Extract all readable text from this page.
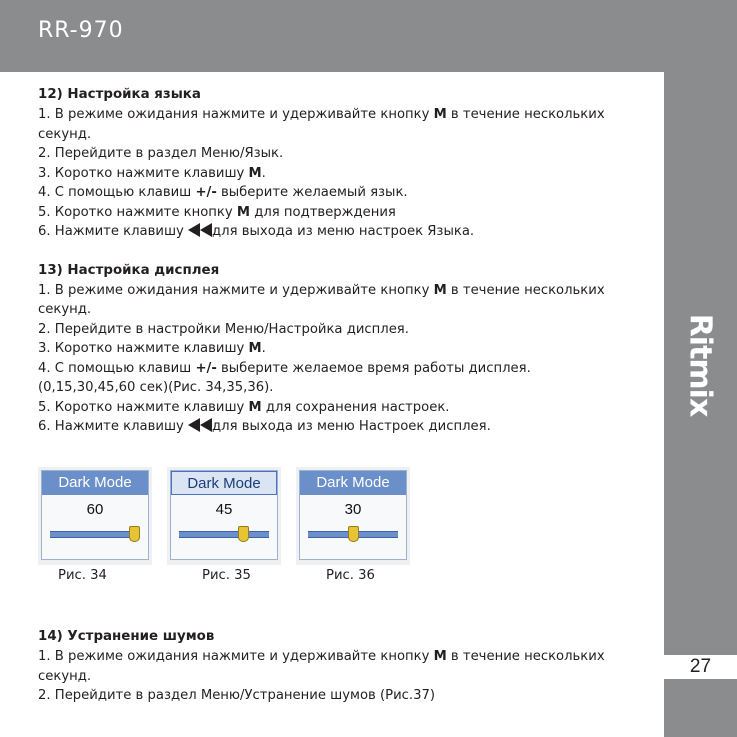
RR-970
Ritmix
27

12) Настройка языка

1. В режиме ожидания нажмите и удерживайте кнопку M в течение нескольких

секунд.

2. Перейдите в раздел Меню/Язык.

3. Коротко нажмите клавишу M.

4. С помощью клавиш +/- выберите желаемый язык.

5. Коротко нажмите кнопку M для подтверждения

6. Нажмите клавишу для выхода из меню настроек Языка.

13) Настройка дисплея

1. В режиме ожидания нажмите и удерживайте кнопку M в течение нескольких

секунд.

2. Перейдите в настройки Меню/Настройка дисплея.

3. Коротко нажмите клавишу M.

4. С помощью клавиш +/- выберите желаемое время работы дисплея.

(0,15,30,45,60 сек)(Рис. 34,35,36).

5. Коротко нажмите клавишу M для сохранения настроек.

6. Нажмите клавишу для выхода из меню Настроек дисплея.

Dark Mode
60
Dark Mode
45
Dark Mode
30
Рис. 34	Рис. 35	Рис. 36

14) Устранение шумов

1. В режиме ожидания нажмите и удерживайте кнопку M в течение нескольких

секунд.

2. Перейдите в раздел Меню/Устранение шумов (Рис.37)
